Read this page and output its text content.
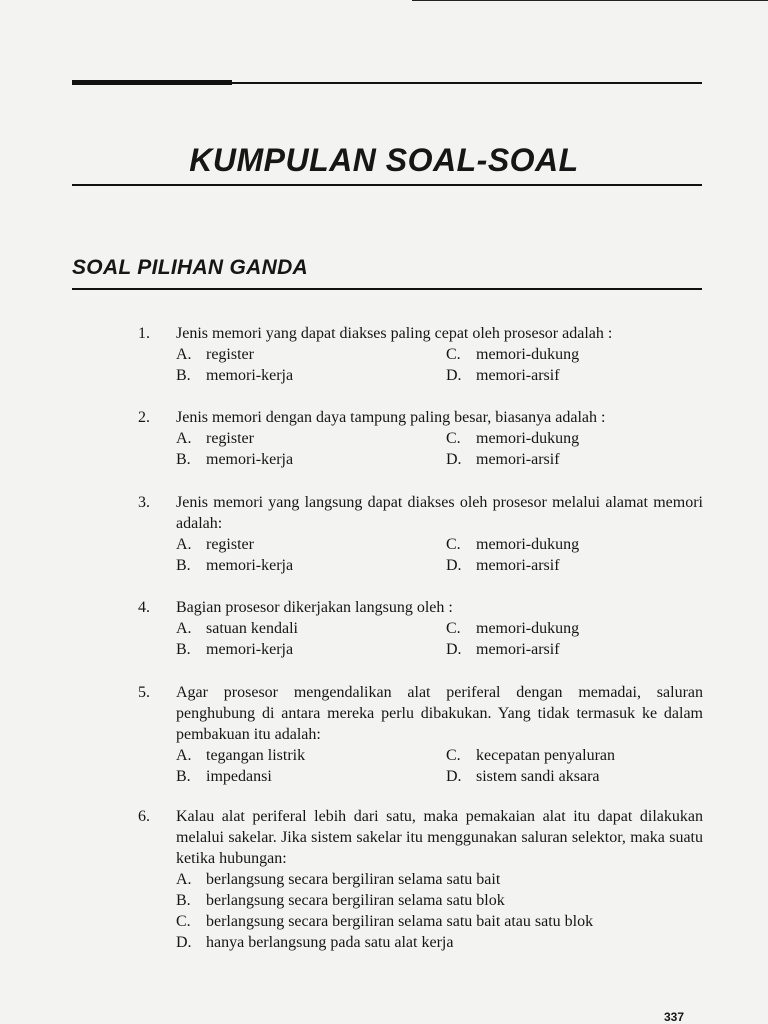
KUMPULAN SOAL-SOAL
SOAL PILIHAN GANDA
1.	Jenis memori yang dapat diakses paling cepat oleh prosesor adalah :
A. register	C. memori-dukung
B. memori-kerja	D. memori-arsif
2.	Jenis memori dengan daya tampung paling besar, biasanya adalah :
A. register	C. memori-dukung
B. memori-kerja	D. memori-arsif
3.	Jenis memori yang langsung dapat diakses oleh prosesor melalui alamat memori adalah:
A. register	C. memori-dukung
B. memori-kerja	D. memori-arsif
4.	Bagian prosesor dikerjakan langsung oleh :
A. satuan kendali	C. memori-dukung
B. memori-kerja	D. memori-arsif
5.	Agar prosesor mengendalikan alat periferal dengan memadai, saluran penghubung di antara mereka perlu dibakukan. Yang tidak termasuk ke dalam pembakuan itu adalah:
A. tegangan listrik	C. kecepatan penyaluran
B. impedansi	D. sistem sandi aksara
6.	Kalau alat periferal lebih dari satu, maka pemakaian alat itu dapat dilakukan melalui sakelar. Jika sistem sakelar itu menggunakan saluran selektor, maka suatu ketika hubungan:
A. berlangsung secara bergiliran selama satu bait
B. berlangsung secara bergiliran selama satu blok
C. berlangsung secara bergiliran selama satu bait atau satu blok
D. hanya berlangsung pada satu alat kerja
337
